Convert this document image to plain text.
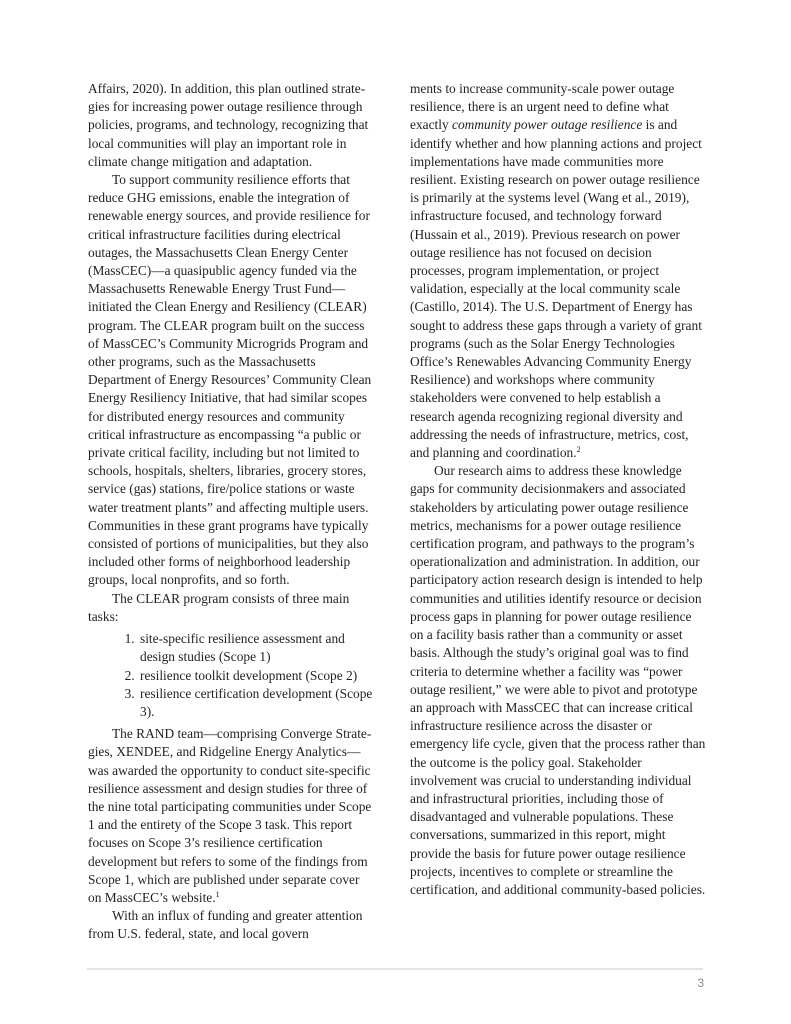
Affairs, 2020). In addition, this plan outlined strategies for increasing power outage resilience through policies, programs, and technology, recognizing that local communities will play an important role in climate change mitigation and adaptation.

To support community resilience efforts that reduce GHG emissions, enable the integration of renewable energy sources, and provide resilience for critical infrastructure facilities during electrical outages, the Massachusetts Clean Energy Center (MassCEC)—a quasipublic agency funded via the Massachusetts Renewable Energy Trust Fund—initiated the Clean Energy and Resiliency (CLEAR) program. The CLEAR program built on the success of MassCEC’s Community Microgrids Program and other programs, such as the Massachusetts Department of Energy Resources’ Community Clean Energy Resiliency Initiative, that had similar scopes for distributed energy resources and community critical infrastructure as encompassing “a public or private critical facility, including but not limited to schools, hospitals, shelters, libraries, grocery stores, service (gas) stations, fire/police stations or waste water treatment plants” and affecting multiple users. Communities in these grant programs have typically consisted of portions of municipalities, but they also included other forms of neighborhood leadership groups, local nonprofits, and so forth.

The CLEAR program consists of three main tasks:

1. site-specific resilience assessment and design studies (Scope 1)
2. resilience toolkit development (Scope 2)
3. resilience certification development (Scope 3).

The RAND team—comprising Converge Strategies, XENDEE, and Ridgeline Energy Analytics—was awarded the opportunity to conduct site-specific resilience assessment and design studies for three of the nine total participating communities under Scope 1 and the entirety of the Scope 3 task. This report focuses on Scope 3’s resilience certification development but refers to some of the findings from Scope 1, which are published under separate cover on MassCEC’s website.$^1$

With an influx of funding and greater attention from U.S. federal, state, and local govern

ments to increase community-scale power outage resilience, there is an urgent need to define what exactly community power outage resilience is and identify whether and how planning actions and project implementations have made communities more resilient. Existing research on power outage resilience is primarily at the systems level (Wang et al., 2019), infrastructure focused, and technology forward (Hussain et al., 2019). Previous research on power outage resilience has not focused on decision processes, program implementation, or project validation, especially at the local community scale (Castillo, 2014). The U.S. Department of Energy has sought to address these gaps through a variety of grant programs (such as the Solar Energy Technologies Office’s Renewables Advancing Community Energy Resilience) and workshops where community stakeholders were convened to help establish a research agenda recognizing regional diversity and addressing the needs of infrastructure, metrics, cost, and planning and coordination.$^2$

Our research aims to address these knowledge gaps for community decisionmakers and associated stakeholders by articulating power outage resilience metrics, mechanisms for a power outage resilience certification program, and pathways to the program’s operationalization and administration. In addition, our participatory action research design is intended to help communities and utilities identify resource or decision process gaps in planning for power outage resilience on a facility basis rather than a community or asset basis. Although the study’s original goal was to find criteria to determine whether a facility was “power outage resilient,” we were able to pivot and prototype an approach with MassCEC that can increase critical infrastructure resilience across the disaster or emergency life cycle, given that the process rather than the outcome is the policy goal. Stakeholder involvement was crucial to understanding individual and infrastructural priorities, including those of disadvantaged and vulnerable populations. These conversations, summarized in this report, might provide the basis for future power outage resilience projects, incentives to complete or streamline the certification, and additional community-based policies.

3
